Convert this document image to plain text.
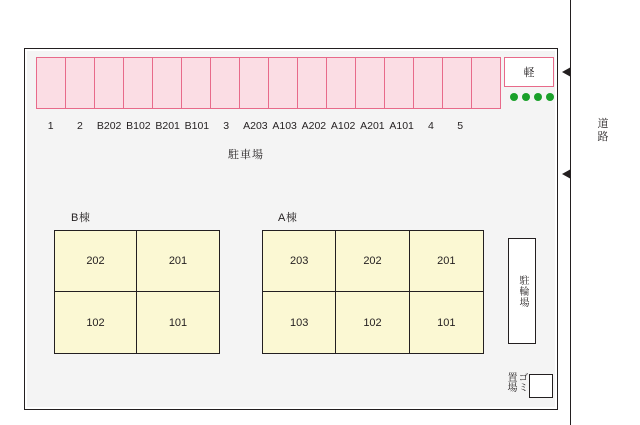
道路
軽
1	2	B202 B102 B201 B101	3	A203 A103 A202 A102 A201 A101	4	5
駐車場
B棟
202	201
102	101
A棟
203	202	201
103	102	101
駐輪場
ゴミ置場
